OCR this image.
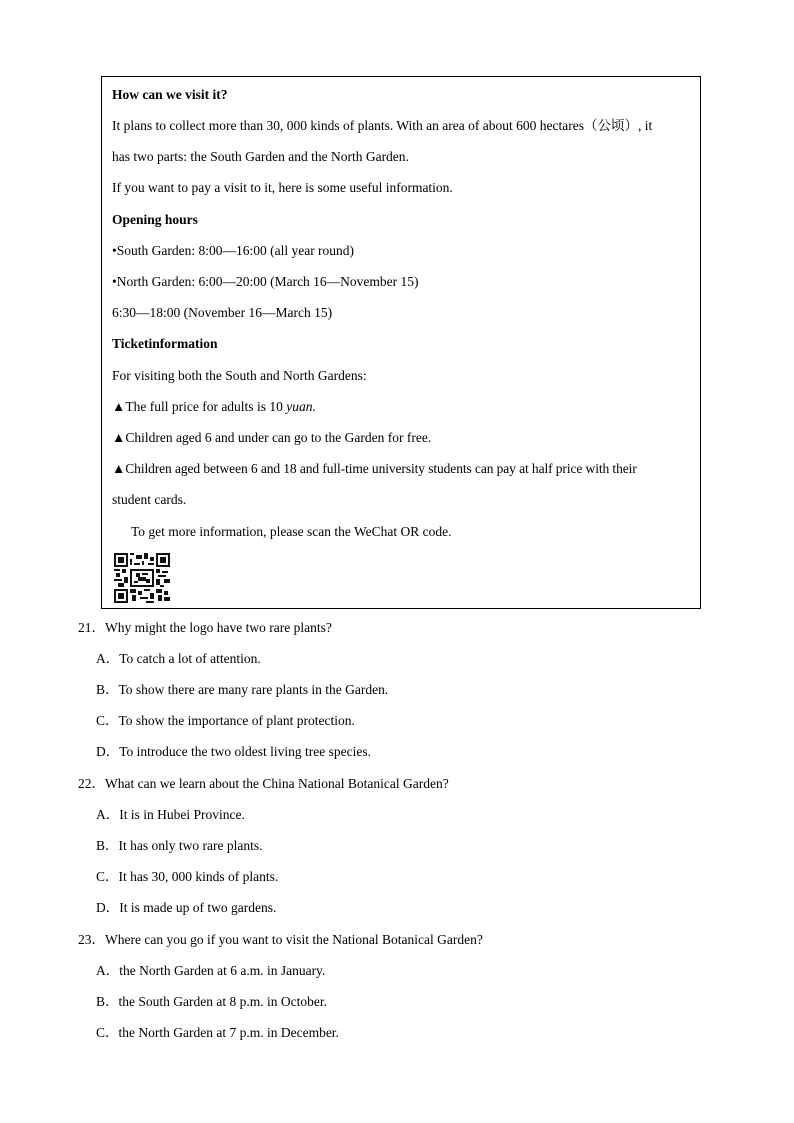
How can we visit it?
It plans to collect more than 30, 000 kinds of plants. With an area of about 600 hectares（公顷）, it
has two parts: the South Garden and the North Garden.
If you want to pay a visit to it, here is some useful information.
Opening hours
•South Garden: 8:00—16:00 (all year round)
•North Garden: 6:00—20:00 (March 16—November 15)
6:30—18:00 (November 16—March 15)
Ticketinformation
For visiting both the South and North Gardens:
▲The full price for adults is 10 yuan.
▲Children aged 6 and under can go to the Garden for free.
▲Children aged between 6 and 18 and full-time university students can pay at half price with their
student cards.
To get more information, please scan the WeChat OR code.
21．Why might the logo have two rare plants?
A．To catch a lot of attention.
B．To show there are many rare plants in the Garden.
C．To show the importance of plant protection.
D．To introduce the two oldest living tree species.
22．What can we learn about the China National Botanical Garden?
A．It is in Hubei Province.
B．It has only two rare plants.
C．It has 30, 000 kinds of plants.
D．It is made up of two gardens.
23．Where can you go if you want to visit the National Botanical Garden?
A．the North Garden at 6 a.m. in January.
B．the South Garden at 8 p.m. in October.
C．the North Garden at 7 p.m. in December.
